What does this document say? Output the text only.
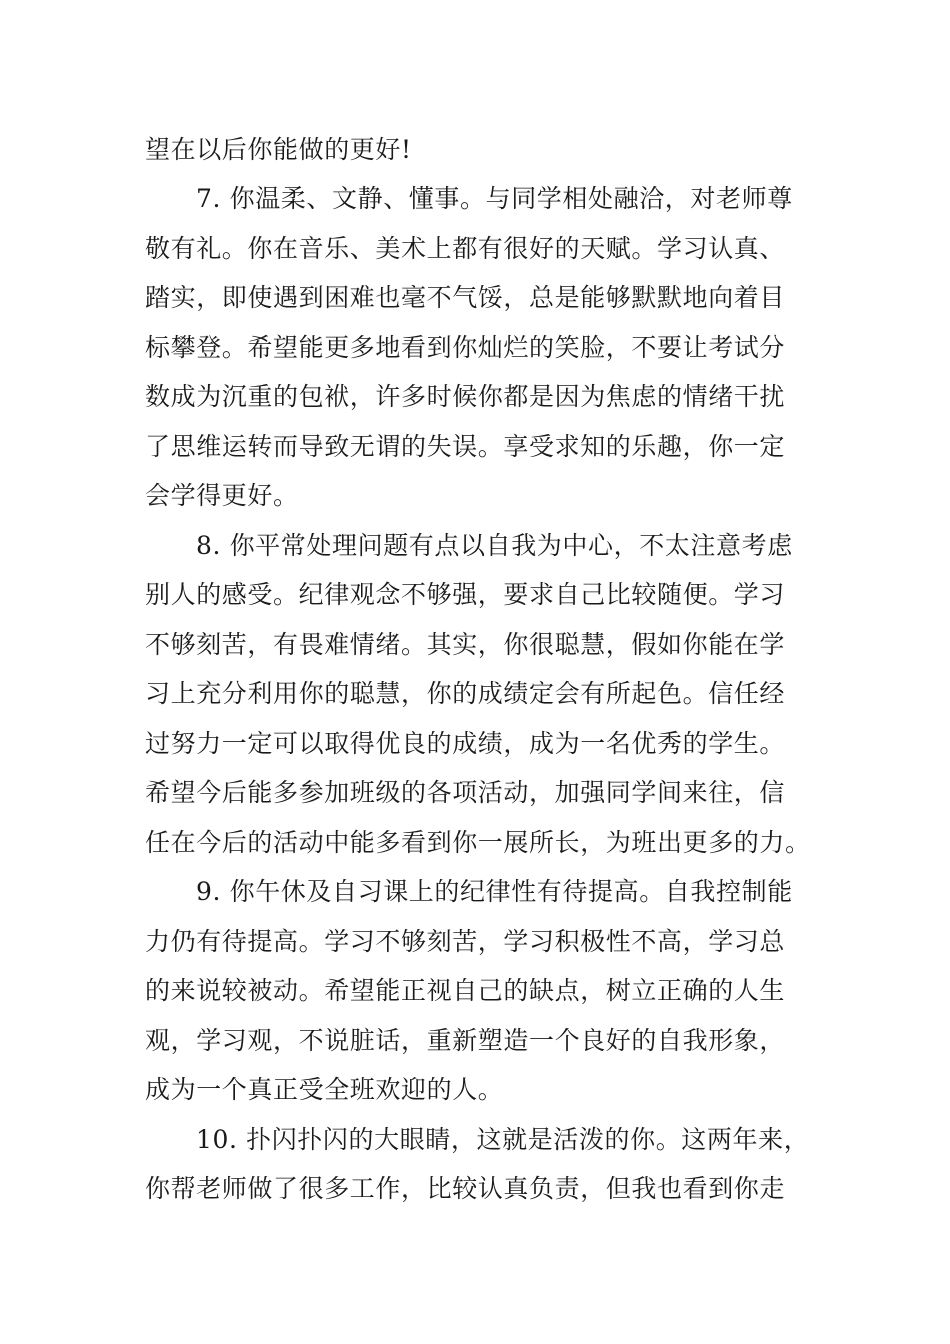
望在以后你能做的更好!
7. 你温柔、文静、懂事。与同学相处融洽，对老师尊
敬有礼。你在音乐、美术上都有很好的天赋。学习认真、
踏实，即使遇到困难也毫不气馁，总是能够默默地向着目
标攀登。希望能更多地看到你灿烂的笑脸，不要让考试分
数成为沉重的包袱，许多时候你都是因为焦虑的情绪干扰
了思维运转而导致无谓的失误。享受求知的乐趣，你一定
会学得更好。
8. 你平常处理问题有点以自我为中心，不太注意考虑
别人的感受。纪律观念不够强，要求自己比较随便。学习
不够刻苦，有畏难情绪。其实，你很聪慧，假如你能在学
习上充分利用你的聪慧，你的成绩定会有所起色。信任经
过努力一定可以取得优良的成绩，成为一名优秀的学生。
希望今后能多参加班级的各项活动，加强同学间来往，信
任在今后的活动中能多看到你一展所长，为班出更多的力。
9. 你午休及自习课上的纪律性有待提高。自我控制能
力仍有待提高。学习不够刻苦，学习积极性不高，学习总
的来说较被动。希望能正视自己的缺点，树立正确的人生
观，学习观，不说脏话，重新塑造一个良好的自我形象，
成为一个真正受全班欢迎的人。
10. 扑闪扑闪的大眼睛，这就是活泼的你。这两年来，
你帮老师做了很多工作，比较认真负责，但我也看到你走
